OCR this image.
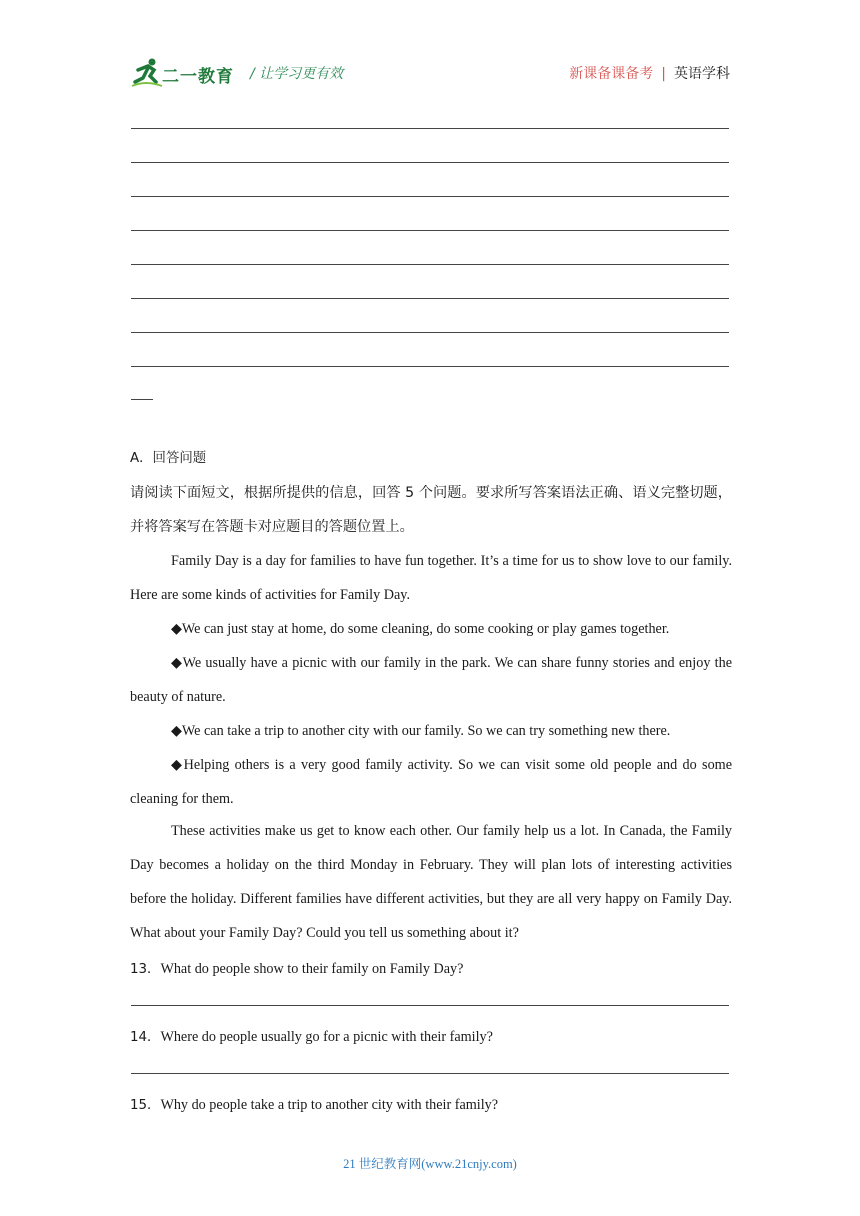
二一教育 / 让学习更有效	新课备课备考 | 英语学科
A．回答问题
请阅读下面短文，根据所提供的信息，回答 5 个问题。要求所写答案语法正确、语义完整切题，并将答案写在答题卡对应题目的答题位置上。
Family Day is a day for families to have fun together. It’s a time for us to show love to our family. Here are some kinds of activities for Family Day.
◆We can just stay at home, do some cleaning, do some cooking or play games together.
◆We usually have a picnic with our family in the park. We can share funny stories and enjoy the beauty of nature.
◆We can take a trip to another city with our family. So we can try something new there.
◆Helping others is a very good family activity. So we can visit some old people and do some cleaning for them.
These activities make us get to know each other. Our family help us a lot. In Canada, the Family Day becomes a holiday on the third Monday in February. They will plan lots of interesting activities before the holiday. Different families have different activities, but they are all very happy on Family Day. What about your Family Day? Could you tell us something about it?
13．What do people show to their family on Family Day?
14．Where do people usually go for a picnic with their family?
15．Why do people take a trip to another city with their family?
21 世纪教育网(www.21cnjy.com)
